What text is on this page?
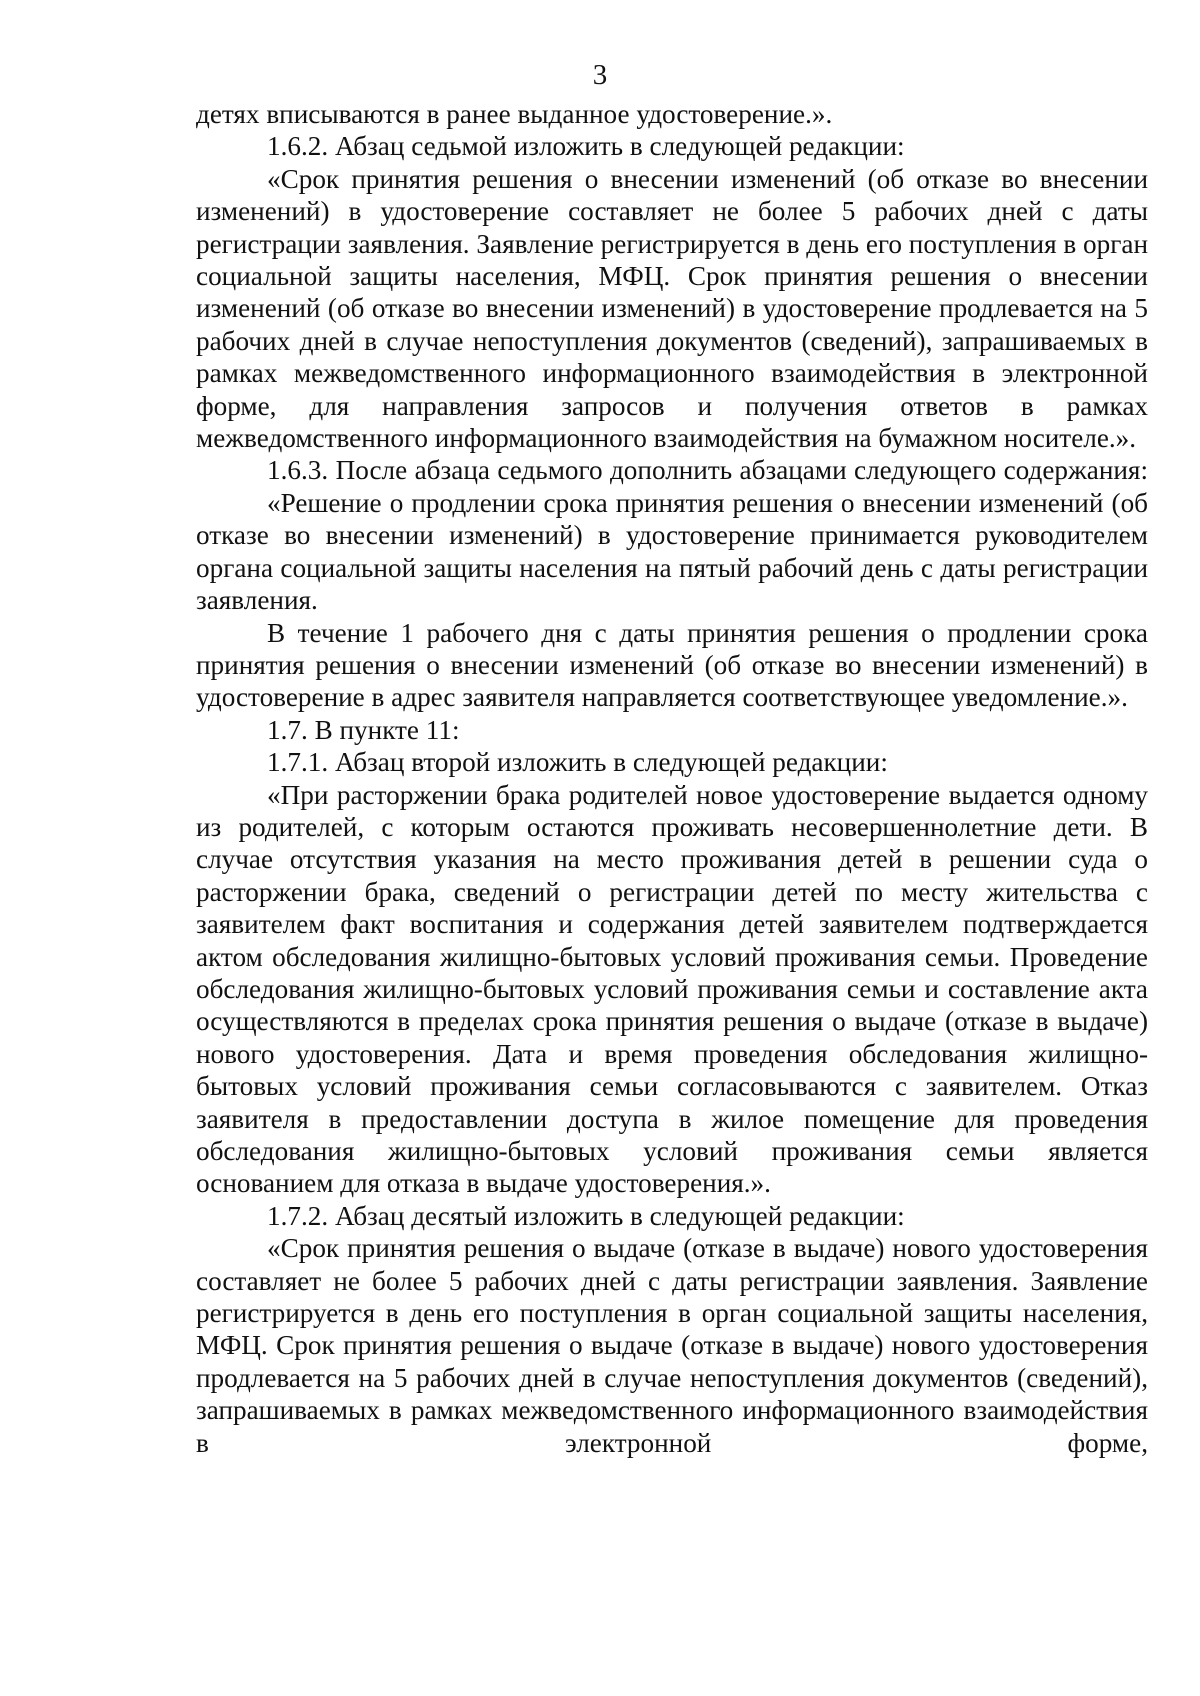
3

детях вписываются в ранее выданное удостоверение.».

1.6.2. Абзац седьмой изложить в следующей редакции:

«Срок принятия решения о внесении изменений (об отказе во внесении изменений) в удостоверение составляет не более 5 рабочих дней с даты регистрации заявления. Заявление регистрируется в день его поступления в орган социальной защиты населения, МФЦ. Срок принятия решения о внесении изменений (об отказе во внесении изменений) в удостоверение продлевается на 5 рабочих дней в случае непоступления документов (сведений), запрашиваемых в рамках межведомственного информационного взаимодействия в электронной форме, для направления запросов и получения ответов в рамках межведомственного информационного взаимодействия на бумажном носителе.».

1.6.3. После абзаца седьмого дополнить абзацами следующего содержания:

«Решение о продлении срока принятия решения о внесении изменений (об отказе во внесении изменений) в удостоверение принимается руководителем органа социальной защиты населения на пятый рабочий день с даты регистрации заявления.

В течение 1 рабочего дня с даты принятия решения о продлении срока принятия решения о внесении изменений (об отказе во внесении изменений) в удостоверение в адрес заявителя направляется соответствующее уведомление.».

1.7. В пункте 11:

1.7.1. Абзац второй изложить в следующей редакции:

«При расторжении брака родителей новое удостоверение выдается одному из родителей, с которым остаются проживать несовершеннолетние дети. В случае отсутствия указания на место проживания детей в решении суда о расторжении брака, сведений о регистрации детей по месту жительства с заявителем факт воспитания и содержания детей заявителем подтверждается актом обследования жилищно-бытовых условий проживания семьи. Проведение обследования жилищно-бытовых условий проживания семьи и составление акта осуществляются в пределах срока принятия решения о выдаче (отказе в выдаче) нового удостоверения. Дата и время проведения обследования жилищно-бытовых условий проживания семьи согласовываются с заявителем. Отказ заявителя в предоставлении доступа в жилое помещение для проведения обследования жилищно-бытовых условий проживания семьи является основанием для отказа в выдаче удостоверения.».

1.7.2. Абзац десятый изложить в следующей редакции:

«Срок принятия решения о выдаче (отказе в выдаче) нового удостоверения составляет не более 5 рабочих дней с даты регистрации заявления. Заявление регистрируется в день его поступления в орган социальной защиты населения, МФЦ. Срок принятия решения о выдаче (отказе в выдаче) нового удостоверения продлевается на 5 рабочих дней в случае непоступления документов (сведений), запрашиваемых в рамках межведомственного информационного взаимодействия в электронной форме,
